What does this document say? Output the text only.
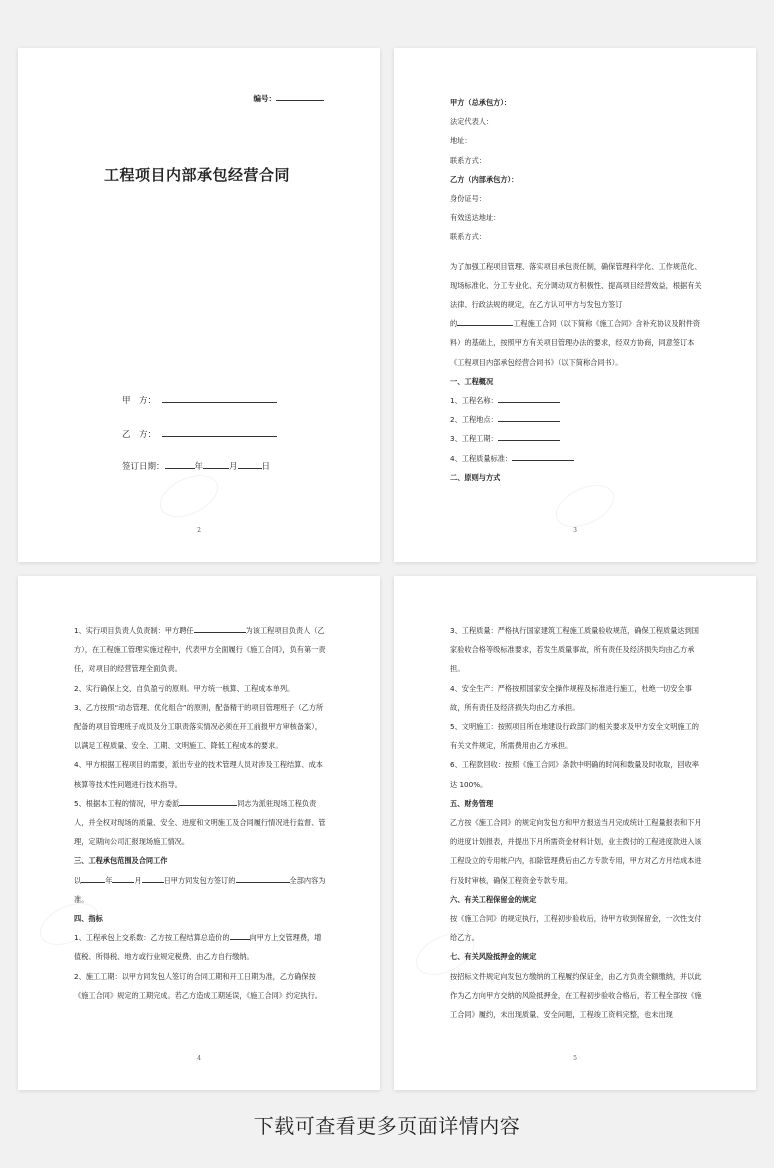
编号：
工程项目内部承包经营合同
甲　方：
乙　方：
签订日期：	年	月	日
2

甲方（总承包方）：

法定代表人：

地址：

联系方式：

乙方（内部承包方）：

身份证号：

有效送达地址：

联系方式：

为了加强工程项目管理、落实项目承包责任制，确保管理科学化、工作规范化、现场标准化、分工专业化、充分调动双方积极性、提高项目经营效益，根据有关法律、行政法规的规定，在乙方认可甲方与发包方签订

的	工程施工合同（以下简称《施工合同》含补充协议及附件资料）的基础上，按照甲方有关项目管理办法的要求，经双方协商，同意签订本《工程项目内部承包经营合同书》（以下简称合同书）。

一、工程概况

1、工程名称：

2、工程地点：

3、工程工期：

4、工程质量标准：

二、原则与方式

3

1、实行项目负责人负责制：甲方聘任	为该工程项目负责人（乙方），在工程施工管理实施过程中，代表甲方全面履行《施工合同》，负有第一责任，对项目的经营管理全面负责。

2、实行确保上交、自负盈亏的原则。甲方统一核算、工程成本单列。

3、乙方按照“动态管理、优化组合”的原则，配备精干的项目管理班子（乙方所配备的项目管理班子成员及分工职责落实情况必须在开工前报甲方审核备案），以满足工程质量、安全、工期、文明施工、降低工程成本的要求。

4、甲方根据工程项目的需要，派出专业的技术管理人员对涉及工程结算、成本核算等技术性问题进行技术指导。

5、根据本工程的情况，甲方委派	同志为派驻现场工程负责人，并全权对现场的质量、安全、进度和文明施工及合同履行情况进行监督、管理，定期向公司汇报现场施工情况。

三、工程承包范围及合同工作

以	年	月	日甲方同发包方签订的	全部内容为准。

四、指标

1、工程承包上交系数：乙方按工程结算总造价的	向甲方上交管理费，增值税、所得税、地方或行业规定税费、由乙方自行缴纳。

2、施工工期：以甲方同发包人签订的合同工期和开工日期为准，乙方确保按《施工合同》规定的工期完成。若乙方造成工期延误，《施工合同》约定执行。

4

3、工程质量：严格执行国家建筑工程施工质量验收规范，确保工程质量达到国家验收合格等级标准要求，若发生质量事故，所有责任及经济损失均由乙方承担。

4、安全生产：严格按照国家安全操作规程及标准进行施工，杜绝一切安全事故，所有责任及经济损失均由乙方承担。

5、文明施工：按照项目所在地建设行政部门的相关要求及甲方安全文明施工的有关文件规定，所需费用由乙方承担。

6、工程款回收：按照《施工合同》条款中明确的时间和数量及时收取，回收率达 100%。

五、财务管理

乙方按《施工合同》的规定向发包方和甲方报送当月完成统计工程量报表和下月的进度计划报表，并提出下月所需资金材料计划，业主拨付的工程进度款进入该工程设立的专用帐户内，扣除管理费后由乙方专款专用，甲方对乙方月结成本进行及时审核，确保工程资金专款专用。

六、有关工程保留金的规定

按《施工合同》的规定执行，工程初步验收后，待甲方收到保留金，一次性支付给乙方。

七、有关风险抵押金的规定

按招标文件规定向发包方缴纳的工程履约保证金，由乙方负责全额缴纳，并以此作为乙方向甲方交纳的风险抵押金，在工程初步验收合格后，若工程全部按《施工合同》履约，未出现质量、安全问题，工程竣工资料完整，也未出现

5
下载可查看更多页面详情内容
